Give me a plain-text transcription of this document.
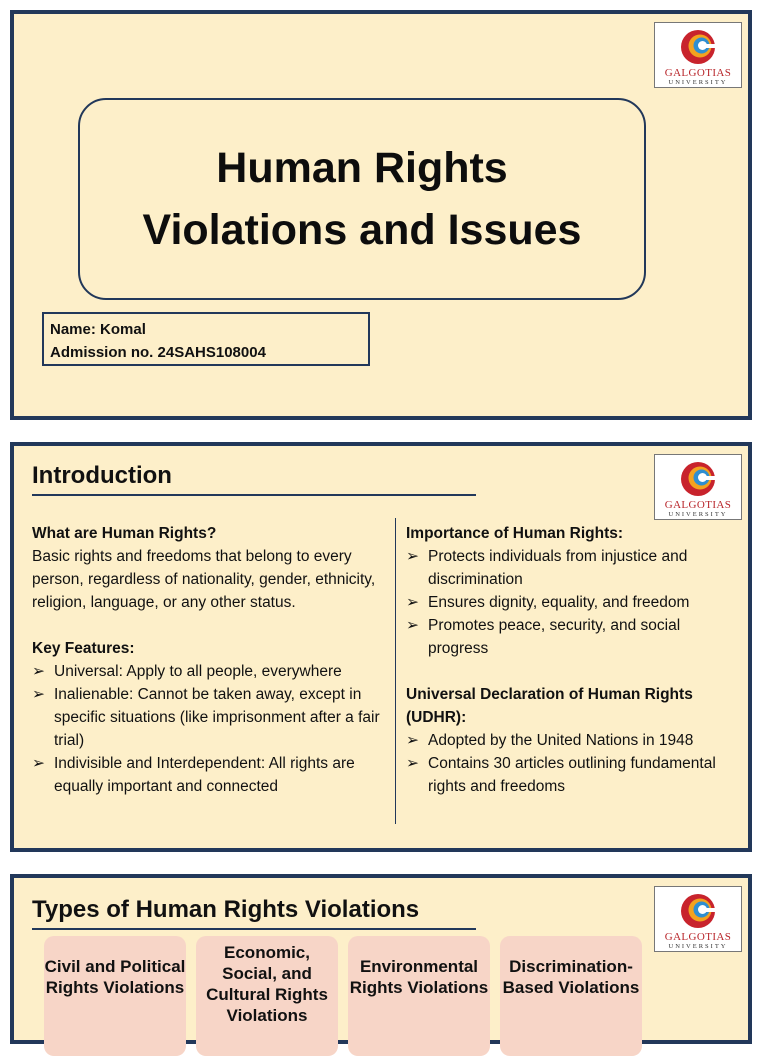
GALGOTIAS
UNIVERSITY
Human Rights
Violations and Issues
Name: Komal
Admission no. 24SAHS108004
GALGOTIAS
UNIVERSITY
Introduction
What are Human Rights?

Basic rights and freedoms that belong to every person, regardless of nationality, gender, ethnicity, religion, language, or any other status.

Key Features:
➢ Universal: Apply to all people, everywhere
➢ Inalienable: Cannot be taken away, except in specific situations (like imprisonment after a fair trial)
➢ Indivisible and Interdependent: All rights are equally important and connected
Importance of Human Rights:
➢ Protects individuals from injustice and discrimination
➢ Ensures dignity, equality, and freedom
➢ Promotes peace, security, and social progress
Universal Declaration of Human Rights (UDHR):
➢ Adopted by the United Nations in 1948
➢ Contains 30 articles outlining fundamental rights and freedoms
GALGOTIAS
UNIVERSITY
Types of Human Rights Violations
Civil and Political Rights Violations
Economic, Social, and Cultural Rights Violations
Environmental Rights Violations
Discrimination-Based Violations
